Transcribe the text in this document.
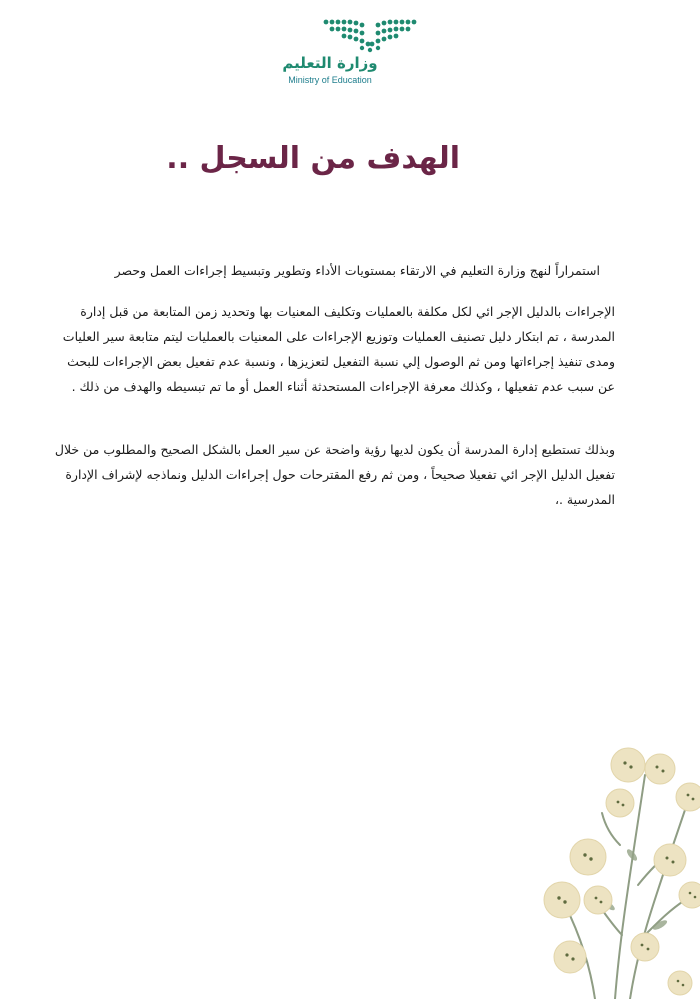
وزارة التعليم
Ministry of Education
الهدف من السجل ..
استمراراً لنهج وزارة التعليم في الارتقاء بمستويات الأداء وتطوير وتبسيط إجراءات العمل وحصر
الإجراءات بالدليل الإجر ائي لكل مكلفة بالعمليات وتكليف المعنيات بها وتحديد زمن المتابعة من قبل إدارة
المدرسة ، تم ابتكار دليل تصنيف العمليات وتوزيع الإجراءات على المعنيات بالعمليات ليتم متابعة سير العليات
ومدى تنفيذ إجراءاتها ومن ثم الوصول إلي نسبة التفعيل لتعزيزها ، ونسبة عدم تفعيل بعض الإجراءات للبحث
عن سبب عدم تفعيلها ، وكذلك معرفة الإجراءات المستحدثة أثناء العمل أو ما تم تبسيطه والهدف من ذلك .
وبذلك تستطيع إدارة المدرسة أن يكون لديها رؤية واضحة عن سير العمل بالشكل الصحيح والمطلوب من خلال
تفعيل الدليل الإجر ائي تفعيلا صحيحاً ، ومن ثم رفع المقترحات حول إجراءات الدليل ونماذجه لإشراف الإدارة
المدرسية .،
